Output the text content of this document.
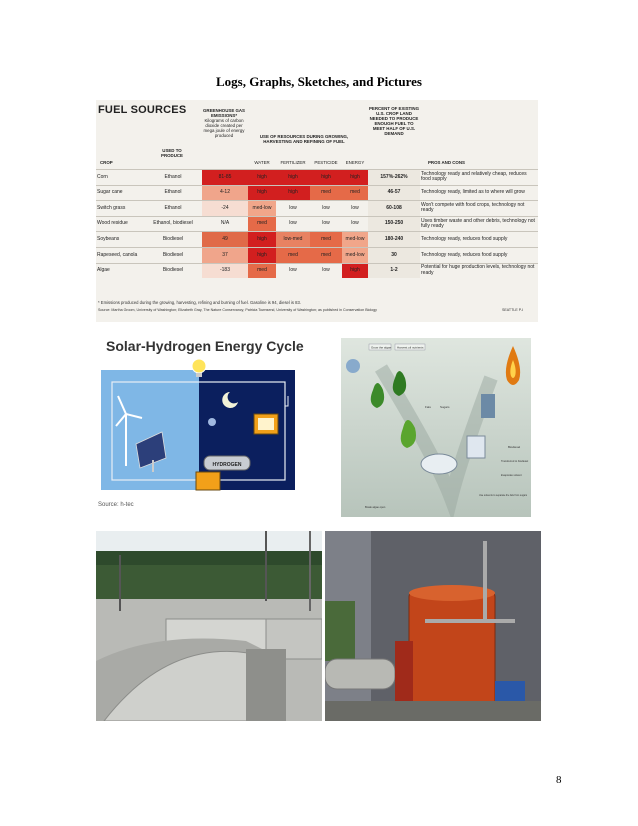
Logs, Graphs, Sketches, and Pictures
FUEL SOURCES
CROP
USED TO PRODUCE
GREENHOUSE GAS EMISSIONS*
Kilograms of carbon dioxide created per mega joule of energy produced	USE OF RESOURCES DURING GROWING, HARVESTING AND REFINING OF FUEL
WATER	FERTILIZER	PESTICIDE	ENERGY
PERCENT OF EXISTING U.S. CROP LAND NEEDED TO PRODUCE ENOUGH FUEL TO MEET HALF OF U.S. DEMAND
PROS AND CONS
Corn	Ethanol	81-85	high	high	high	high	157%-262%	Technology ready and relatively cheap, reduces food supply
Sugar cane	Ethanol	4-12	high	high	med	med	46-57	Technology ready, limited as to where will grow
Switch grass	Ethanol	-24	med-low	low	low	low	60-108	Won't compete with food crops, technology not ready
Wood residue	Ethanol, biodiesel	N/A	med	low	low	low	150-250	Uses timber waste and other debris, technology not fully ready
Soybeans	Biodiesel	49	high	low-med	med	med-low	180-240	Technology ready, reduces food supply
Rapeseed, canola	Biodiesel	37	high	med	med	med-low	30	Technology ready, reduces food supply
Algae	Biodiesel	-183	med	low	low	high	1-2	Potential for huge production levels, technology not ready
* Emissions produced during the growing, harvesting, refining and burning of fuel. Gasoline is 94, diesel is 83.
Source: Martha Groom, University of Washington; Elizabeth Gray, The Nature Conservancy; Patricia Townsend, University of Washington; as published in Conservation Biology	SEATTLE P-I
Solar-Hydrogen Energy Cycle
HYDROGEN
Source: h-tec
Grow the algae Harvest oil nutrients
Fats	Sugars
Biodiesel
Transferred to biodiesel
Evaporate solvent
Use solvents to separate the fats from sugars
Break algae open
8
